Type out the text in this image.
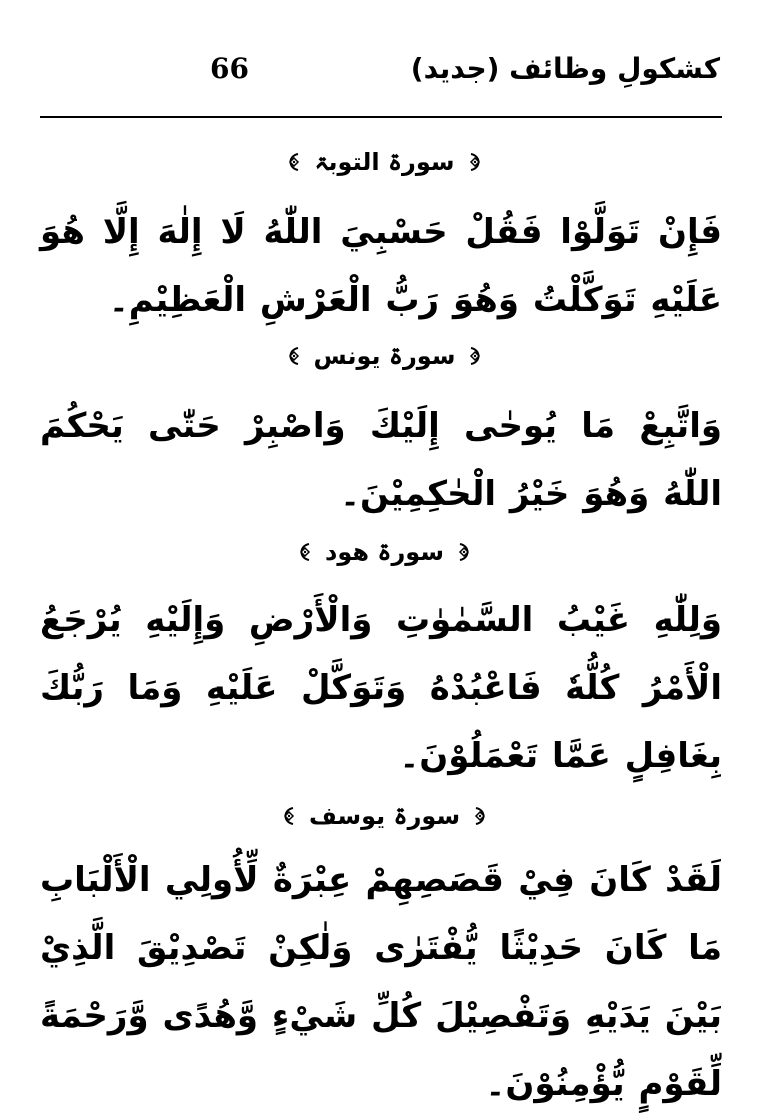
66	کشکولِ وظائف (جدید)
سورۃ التوبۃ
فَإِنْ تَوَلَّوْا فَقُلْ حَسْبِيَ اللّٰهُ لَا إِلٰهَ إِلَّا هُوَ عَلَيْهِ تَوَكَّلْتُ وَهُوَ رَبُّ الْعَرْشِ الْعَظِيْمِ۔
سورۃ یونس
وَاتَّبِعْ مَا يُوحٰى إِلَيْكَ وَاصْبِرْ حَتّٰى يَحْكُمَ اللّٰهُ وَهُوَ خَيْرُ الْحٰكِمِيْنَ۔
سورۃ ھود
وَلِلّٰهِ غَيْبُ السَّمٰوٰتِ وَالْأَرْضِ وَإِلَيْهِ يُرْجَعُ الْأَمْرُ كُلُّهٗ فَاعْبُدْهُ وَتَوَكَّلْ عَلَيْهِ وَمَا رَبُّكَ بِغَافِلٍ عَمَّا تَعْمَلُوْنَ۔
سورۃ یوسف
لَقَدْ كَانَ فِيْ قَصَصِهِمْ عِبْرَةٌ لِّأُولِي الْأَلْبَابِ مَا كَانَ حَدِيْثًا يُّفْتَرٰى وَلٰكِنْ تَصْدِيْقَ الَّذِيْ بَيْنَ يَدَيْهِ وَتَفْصِيْلَ كُلِّ شَيْءٍ وَّهُدًى وَّرَحْمَةً لِّقَوْمٍ يُّؤْمِنُوْنَ۔
